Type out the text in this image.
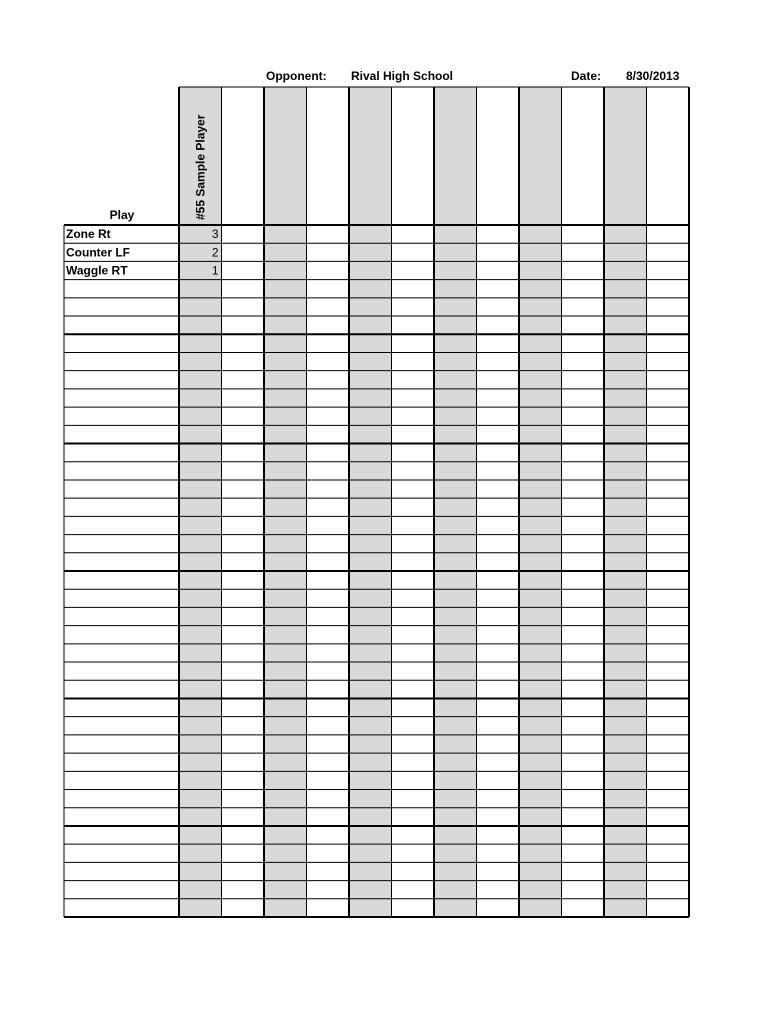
Opponent: Rival High School	Date: 8/30/2013
Play	#55 Sample Player
Zone Rt	3
Counter LF	2
Waggle RT	1
